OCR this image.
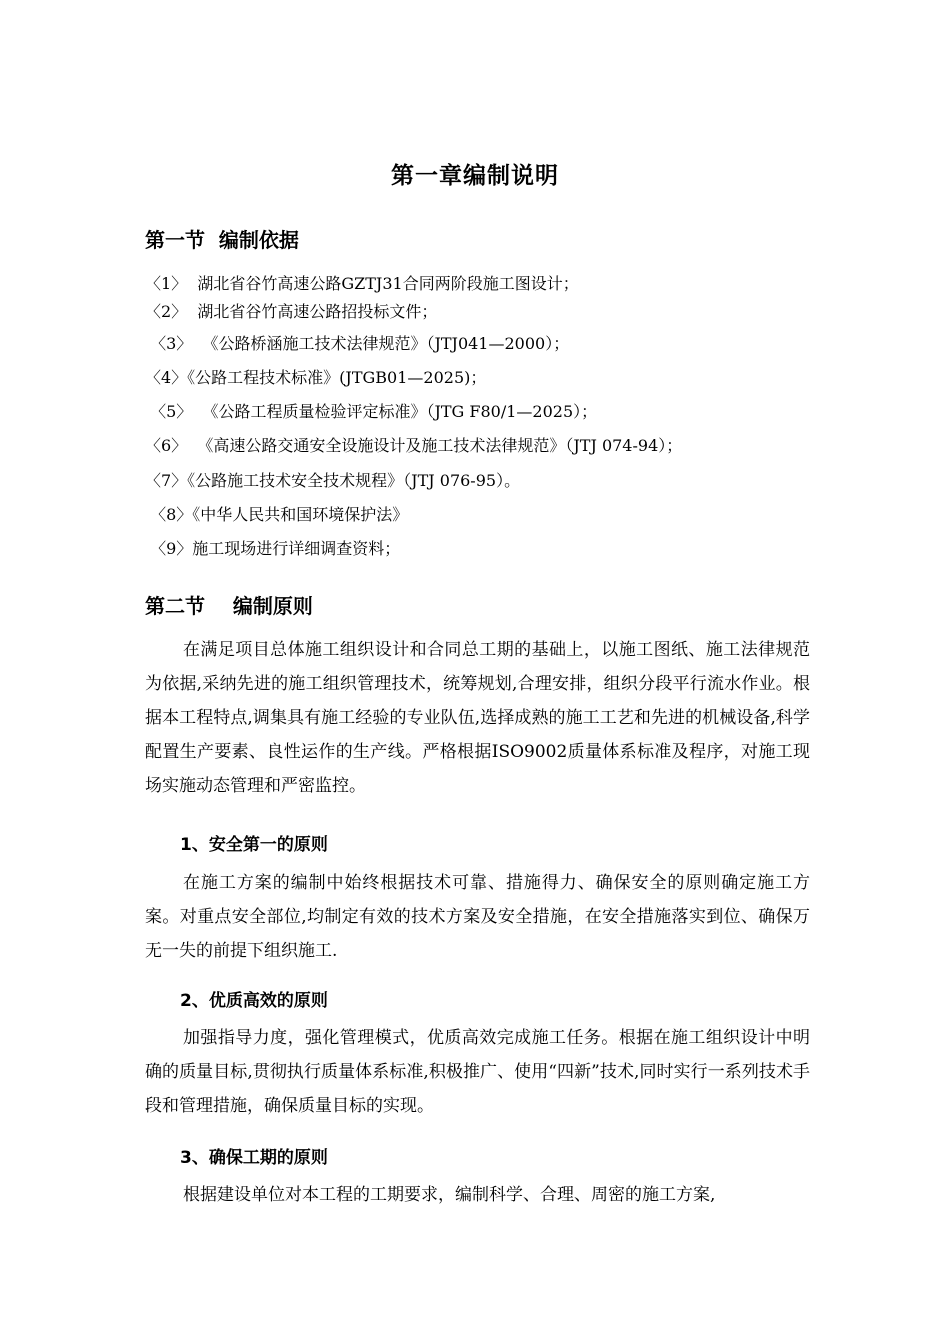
第一章编制说明
第一节  编制依据
〈1〉  湖北省谷竹高速公路GZTJ31合同两阶段施工图设计；
〈2〉  湖北省谷竹高速公路招投标文件；
〈3〉  《公路桥涵施工技术法律规范》（JTJ041—2000）；
〈4〉《公路工程技术标准》(JTGB01—2025)；
〈5〉  《公路工程质量检验评定标准》（JTG F80/1—2025）；
〈6〉  《高速公路交通安全设施设计及施工技术法律规范》（JTJ 074-94）；
〈7〉《公路施工技术安全技术规程》（JTJ 076-95）。
〈8〉《中华人民共和国环境保护法》
〈9〉施工现场进行详细调查资料；
第二节    编制原则
在满足项目总体施工组织设计和合同总工期的基础上，以施工图纸、施工法律规范为依据,采纳先进的施工组织管理技术，统筹规划,合理安排，组织分段平行流水作业。根据本工程特点,调集具有施工经验的专业队伍,选择成熟的施工工艺和先进的机械设备,科学配置生产要素、良性运作的生产线。严格根据ISO9002质量体系标准及程序，对施工现场实施动态管理和严密监控。
1、安全第一的原则
在施工方案的编制中始终根据技术可靠、措施得力、确保安全的原则确定施工方案。对重点安全部位,均制定有效的技术方案及安全措施，在安全措施落实到位、确保万无一失的前提下组织施工.
2、优质高效的原则
加强指导力度，强化管理模式，优质高效完成施工任务。根据在施工组织设计中明确的质量目标,贯彻执行质量体系标准,积极推广、使用“四新”技术,同时实行一系列技术手段和管理措施，确保质量目标的实现。
3、确保工期的原则
根据建设单位对本工程的工期要求，编制科学、合理、周密的施工方案,
